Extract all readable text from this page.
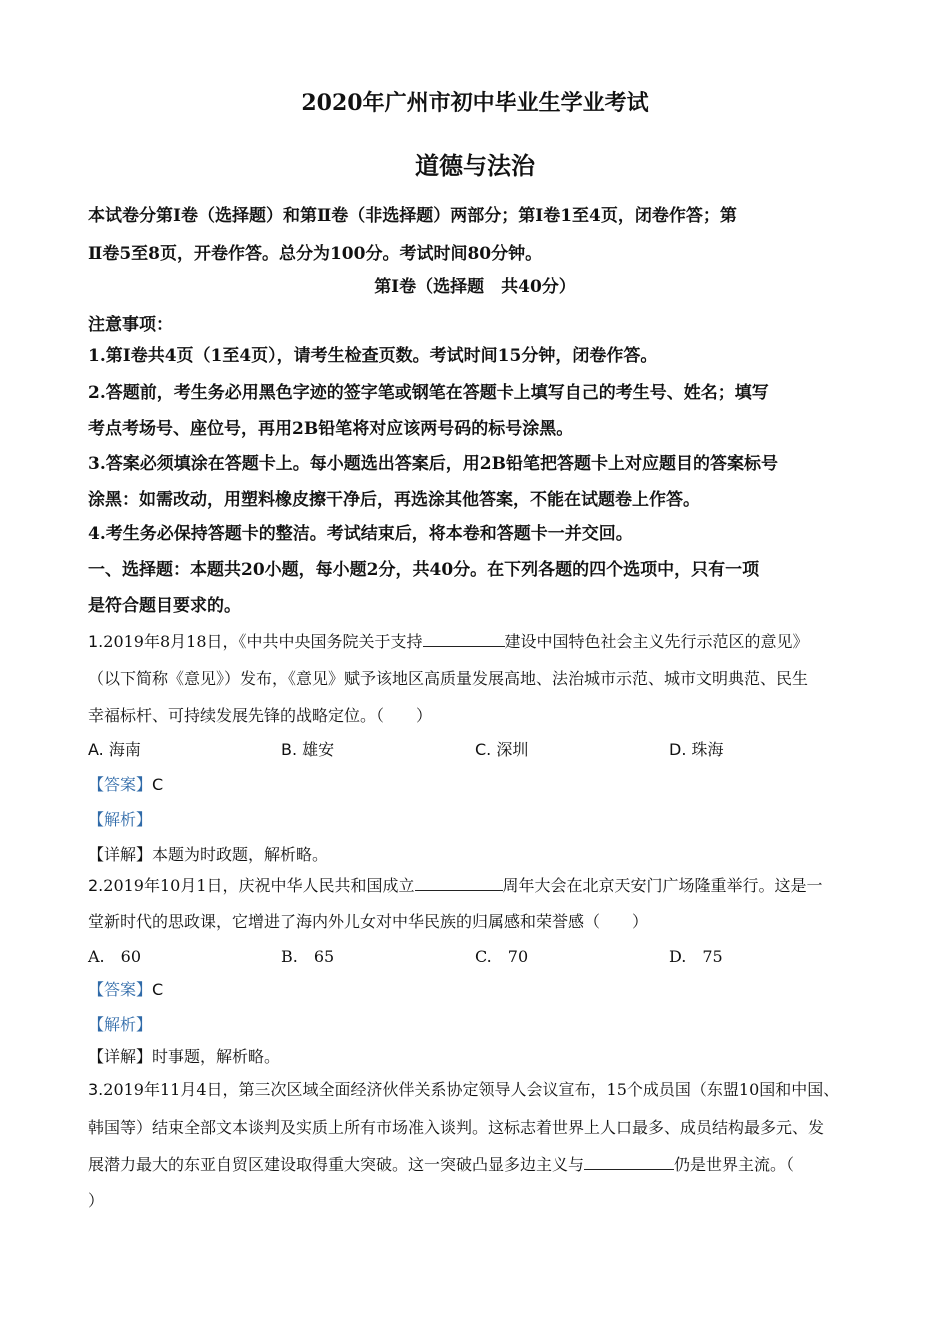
2020年广州市初中毕业生学业考试
道德与法治
本试卷分第Ⅰ卷（选择题）和第Ⅱ卷（非选择题）两部分；第Ⅰ卷1至4页，闭卷作答；第
Ⅱ卷5至8页，开卷作答。总分为100分。考试时间80分钟。
第Ⅰ卷（选择题　共40分）
注意事项：
1.第Ⅰ卷共4页（1至4页），请考生检查页数。考试时间15分钟，闭卷作答。
2.答题前，考生务必用黑色字迹的签字笔或钢笔在答题卡上填写自己的考生号、姓名；填写
考点考场号、座位号，再用2B铅笔将对应该两号码的标号涂黑。
3.答案必须填涂在答题卡上。每小题选出答案后，用2B铅笔把答题卡上对应题目的答案标号
涂黑：如需改动，用塑料橡皮擦干净后，再选涂其他答案，不能在试题卷上作答。
4.考生务必保持答题卡的整洁。考试结束后，将本卷和答题卡一并交回。
一、选择题：本题共20小题，每小题2分，共40分。在下列各题的四个选项中，只有一项
是符合题目要求的。
1.2019年8月18日，《中共中央国务院关于支持	建设中国特色社会主义先行示范区的意见》
（以下简称《意见》）发布，《意见》赋予该地区高质量发展高地、法治城市示范、城市文明典范、民生
幸福标杆、可持续发展先锋的战略定位。（　　）
A. 海南	B. 雄安	C. 深圳	D. 珠海
【答案】C
【解析】
【详解】本题为时政题，解析略。
2.2019年10月1日，庆祝中华人民共和国成立	周年大会在北京天安门广场隆重举行。这是一
堂新时代的思政课，它增进了海内外儿女对中华民族的归属感和荣誉感（　　）
A.　60	B.　65	C.　70	D.　75
【答案】C
【解析】
【详解】时事题，解析略。
3.2019年11月4日，第三次区域全面经济伙伴关系协定领导人会议宣布，15个成员国（东盟10国和中国、
韩国等）结束全部文本谈判及实质上所有市场准入谈判。这标志着世界上人口最多、成员结构最多元、发
展潜力最大的东亚自贸区建设取得重大突破。这一突破凸显多边主义与	仍是世界主流。（
）
